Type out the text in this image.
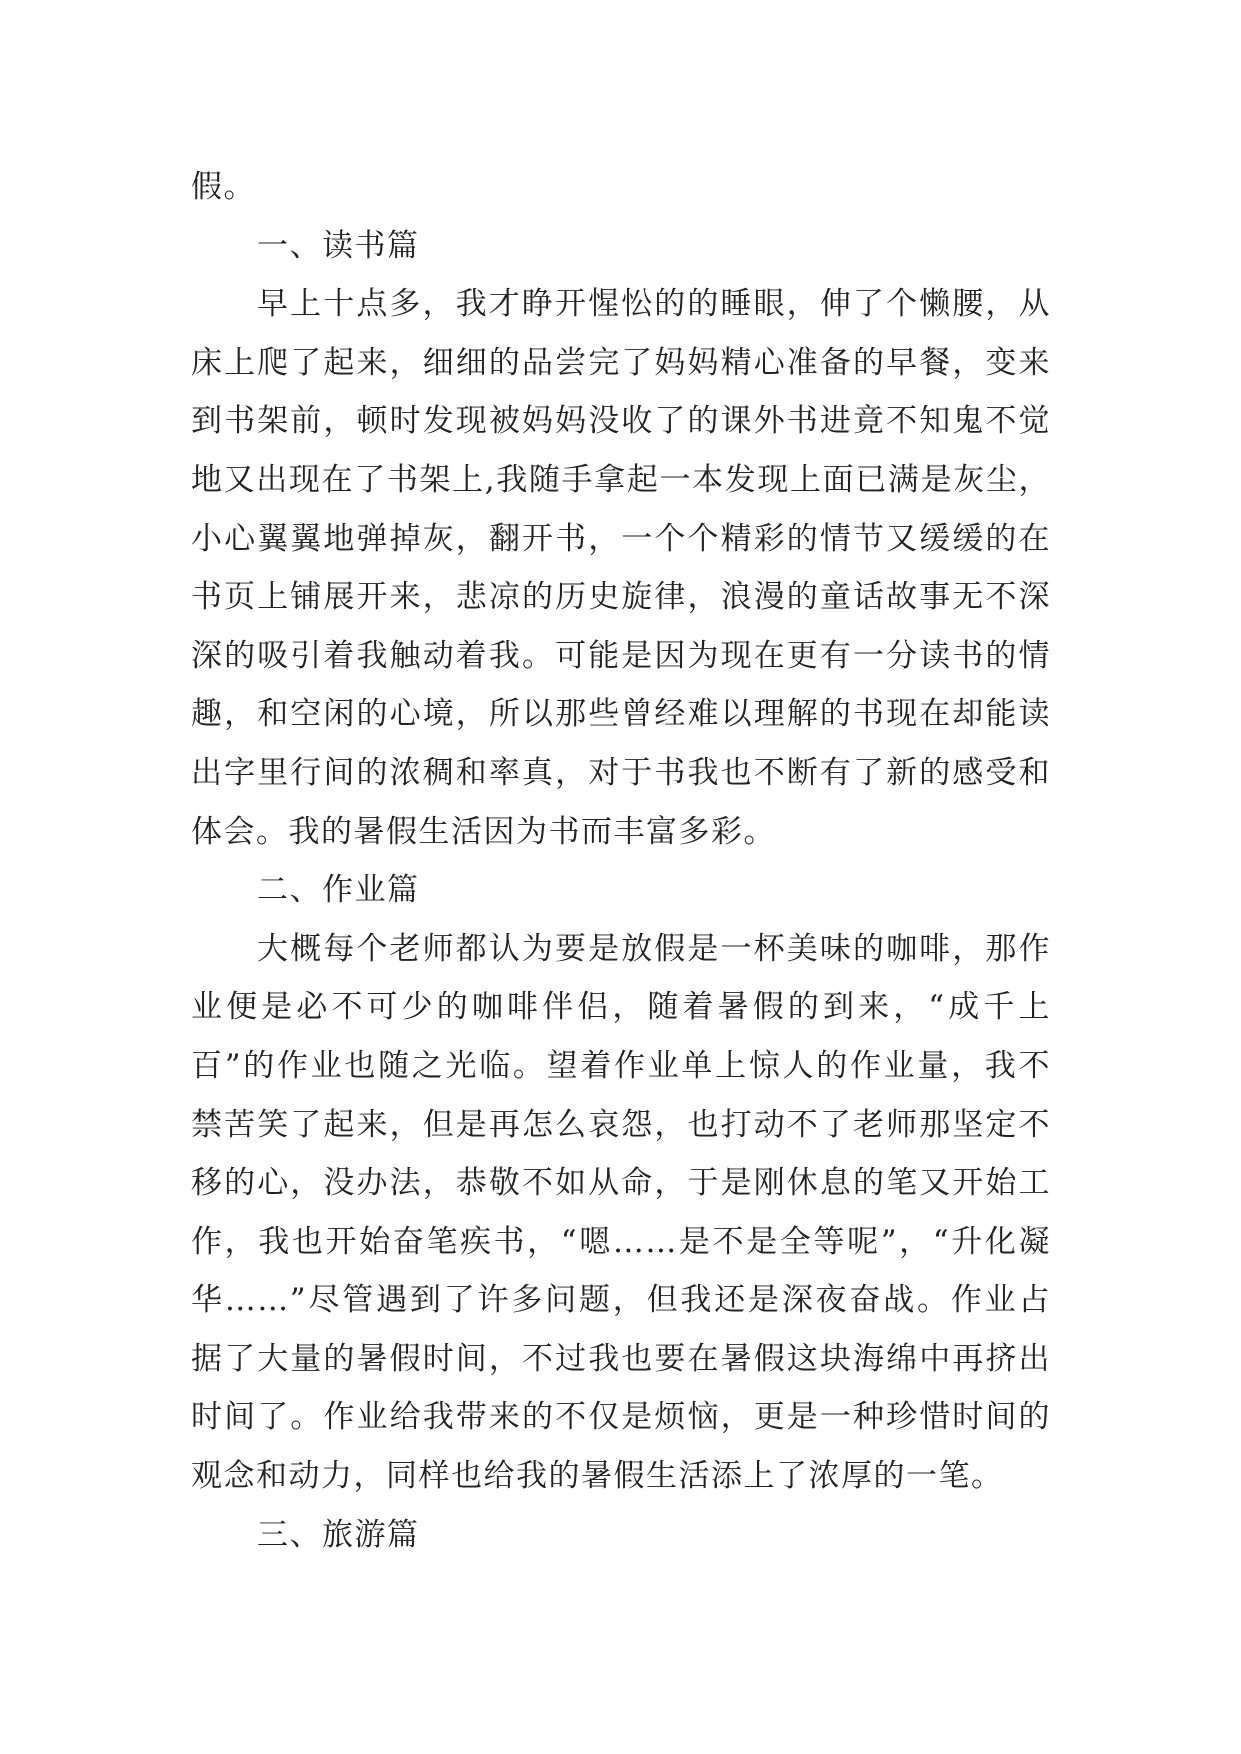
假。

一、读书篇

早上十点多，我才睁开惺忪的的睡眼，伸了个懒腰，从床上爬了起来，细细的品尝完了妈妈精心准备的早餐，变来到书架前，顿时发现被妈妈没收了的课外书进竟不知鬼不觉地又出现在了书架上,我随手拿起一本发现上面已满是灰尘，小心翼翼地弹掉灰，翻开书，一个个精彩的情节又缓缓的在书页上铺展开来，悲凉的历史旋律，浪漫的童话故事无不深深的吸引着我触动着我。可能是因为现在更有一分读书的情趣，和空闲的心境，所以那些曾经难以理解的书现在却能读出字里行间的浓稠和率真，对于书我也不断有了新的感受和体会。我的暑假生活因为书而丰富多彩。

二、作业篇

大概每个老师都认为要是放假是一杯美味的咖啡，那作业便是必不可少的咖啡伴侣，随着暑假的到来，“成千上百”的作业也随之光临。望着作业单上惊人的作业量，我不禁苦笑了起来，但是再怎么哀怨，也打动不了老师那坚定不移的心，没办法，恭敬不如从命，于是刚休息的笔又开始工作，我也开始奋笔疾书，“嗯……是不是全等呢”，“升化凝华……”尽管遇到了许多问题，但我还是深夜奋战。作业占据了大量的暑假时间，不过我也要在暑假这块海绵中再挤出时间了。作业给我带来的不仅是烦恼，更是一种珍惜时间的观念和动力，同样也给我的暑假生活添上了浓厚的一笔。

三、旅游篇
